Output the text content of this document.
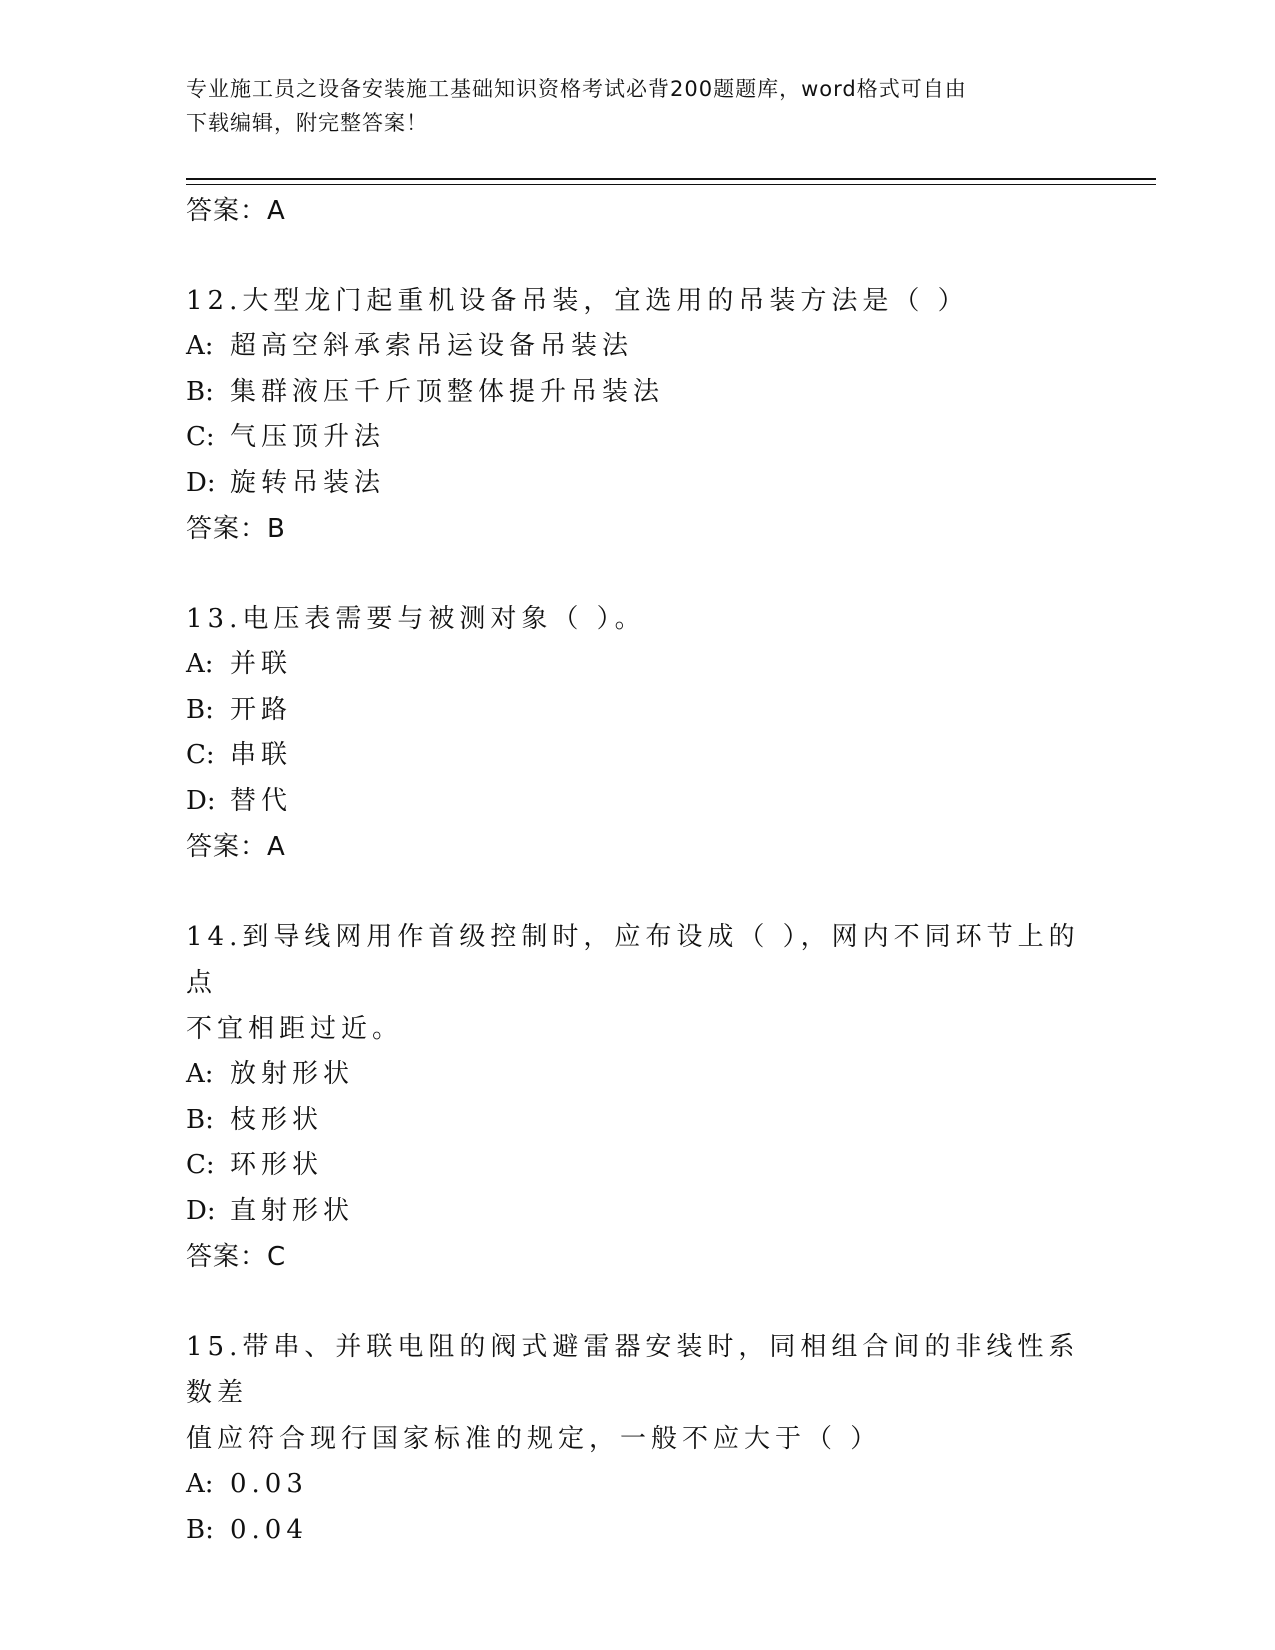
专业施工员之设备安装施工基础知识资格考试必背200题题库，word格式可自由
下载编辑，附完整答案！
答案：A
12.大型龙门起重机设备吊装，宜选用的吊装方法是（ ）
A: 超高空斜承索吊运设备吊装法
B: 集群液压千斤顶整体提升吊装法
C: 气压顶升法
D: 旋转吊装法
答案：B
13.电压表需要与被测对象（ ）。
A: 并联
B: 开路
C: 串联
D: 替代
答案：A
14.到导线网用作首级控制时，应布设成（ ），网内不同环节上的点
不宜相距过近。
A: 放射形状
B: 枝形状
C: 环形状
D: 直射形状
答案：C
15.带串、并联电阻的阀式避雷器安装时，同相组合间的非线性系数差
值应符合现行国家标准的规定，一般不应大于（ ）
A: 0.03
B: 0.04
